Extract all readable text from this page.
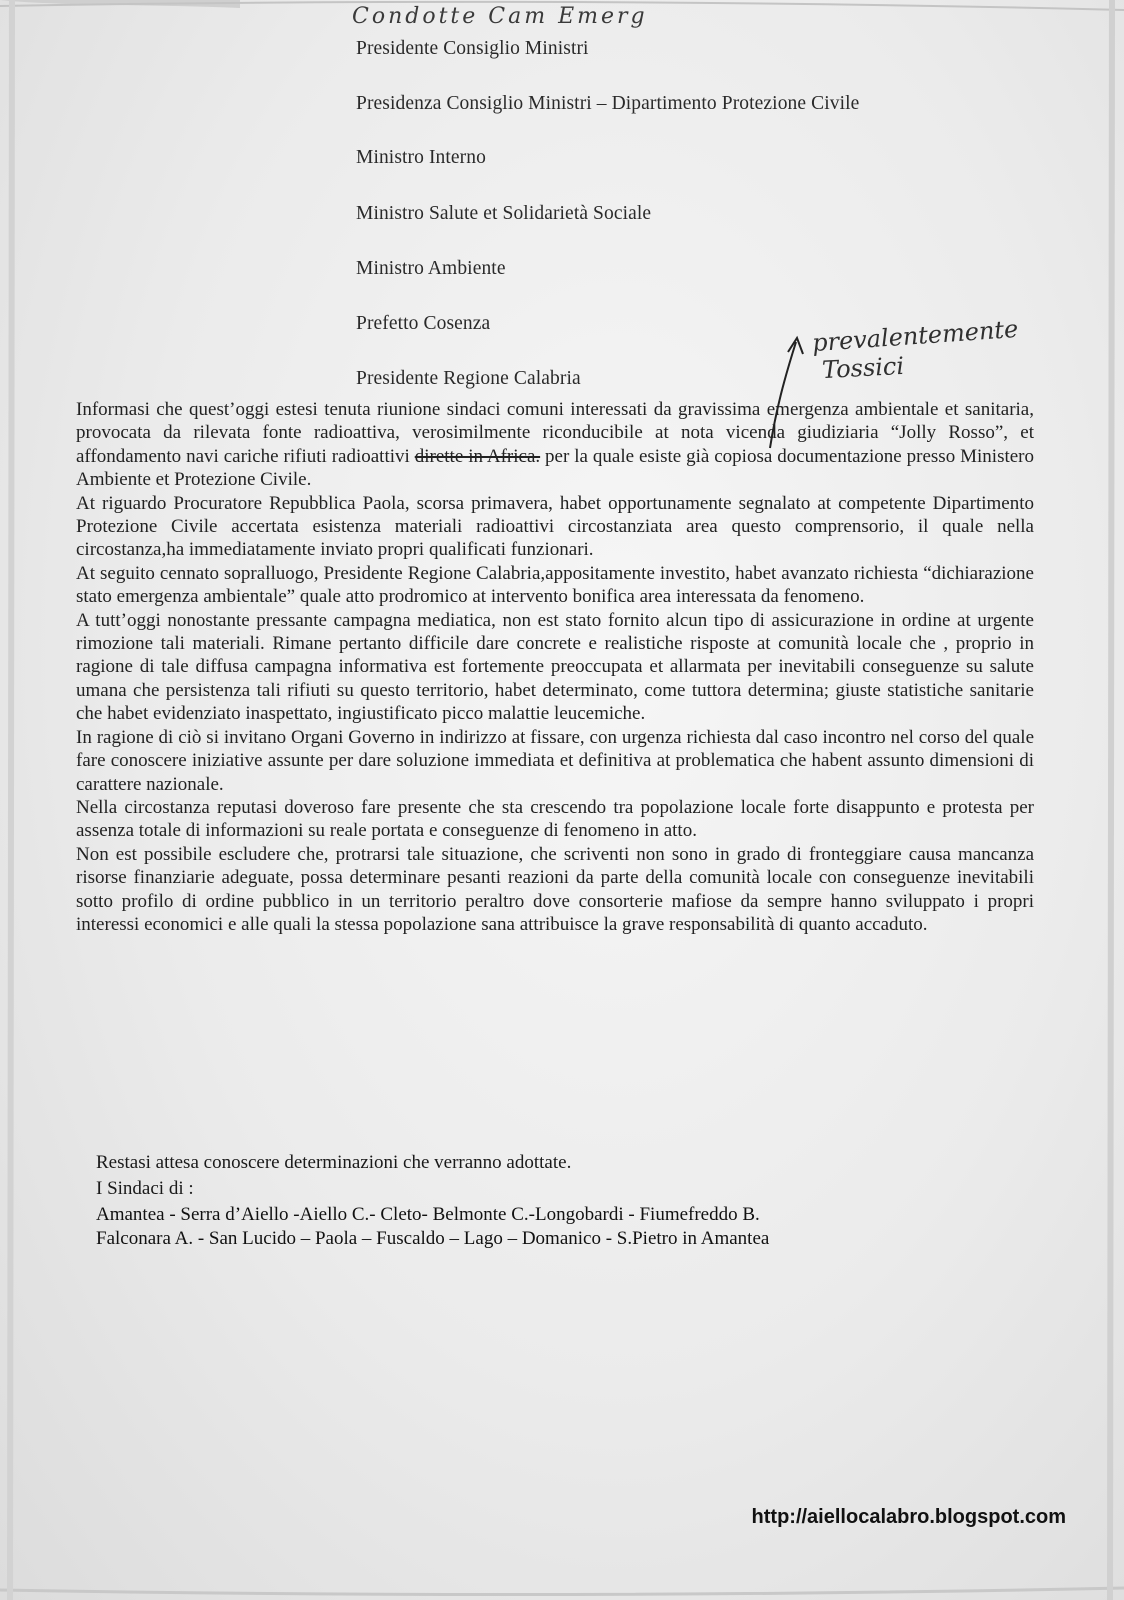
Condotte Cam Emerg
Presidente Consiglio Ministri
Presidenza Consiglio Ministri – Dipartimento Protezione Civile
Ministro Interno
Ministro Salute et Solidarietà Sociale
Ministro Ambiente
Prefetto Cosenza
Presidente Regione Calabria
prevalentemente
Tossici

Informasi che quest’oggi estesi tenuta riunione sindaci comuni interessati da gravissima emergenza ambientale et sanitaria, provocata da rilevata fonte radioattiva, verosimilmente riconducibile at nota vicenda giudiziaria “Jolly Rosso”, et affondamento navi cariche rifiuti radioattivi dirette in Africa. per la quale esiste già copiosa documentazione presso Ministero Ambiente et Protezione Civile.

At riguardo Procuratore Repubblica Paola, scorsa primavera, habet opportunamente segnalato at competente Dipartimento Protezione Civile accertata esistenza materiali radioattivi circostanziata area questo comprensorio, il quale nella circostanza,ha immediatamente inviato propri qualificati funzionari.

At seguito cennato sopralluogo, Presidente Regione Calabria,appositamente investito, habet avanzato richiesta “dichiarazione stato emergenza ambientale” quale atto prodromico at intervento bonifica area interessata da fenomeno.

A tutt’oggi nonostante pressante campagna mediatica, non est stato fornito alcun tipo di assicurazione in ordine at urgente rimozione tali materiali. Rimane pertanto difficile dare concrete e realistiche risposte at comunità locale che , proprio in ragione di tale diffusa campagna informativa est fortemente preoccupata et allarmata per inevitabili conseguenze su salute umana che persistenza tali rifiuti su questo territorio, habet determinato, come tuttora determina; giuste statistiche sanitarie che habet evidenziato inaspettato, ingiustificato picco malattie leucemiche.

In ragione di ciò si invitano Organi Governo in indirizzo at fissare, con urgenza richiesta dal caso incontro nel corso del quale fare conoscere iniziative assunte per dare soluzione immediata et definitiva at problematica che habent assunto dimensioni di carattere nazionale.

Nella circostanza reputasi doveroso fare presente che sta crescendo tra popolazione locale forte disappunto e protesta per assenza totale di informazioni su reale portata e conseguenze di fenomeno in atto.

Non est possibile escludere che, protrarsi tale situazione, che scriventi non sono in grado di fronteggiare causa mancanza risorse finanziarie adeguate, possa determinare pesanti reazioni da parte della comunità locale con conseguenze inevitabili sotto profilo di ordine pubblico in un territorio peraltro dove consorterie mafiose da sempre hanno sviluppato i propri interessi economici e alle quali la stessa popolazione sana attribuisce la grave responsabilità di quanto accaduto.

Restasi attesa conoscere determinazioni che verranno adottate.
I Sindaci di :
Amantea - Serra d’Aiello -Aiello C.- Cleto- Belmonte C.-Longobardi - Fiumefreddo B.
Falconara A. - San Lucido – Paola – Fuscaldo – Lago – Domanico - S.Pietro in Amantea
http://aiellocalabro.blogspot.com
